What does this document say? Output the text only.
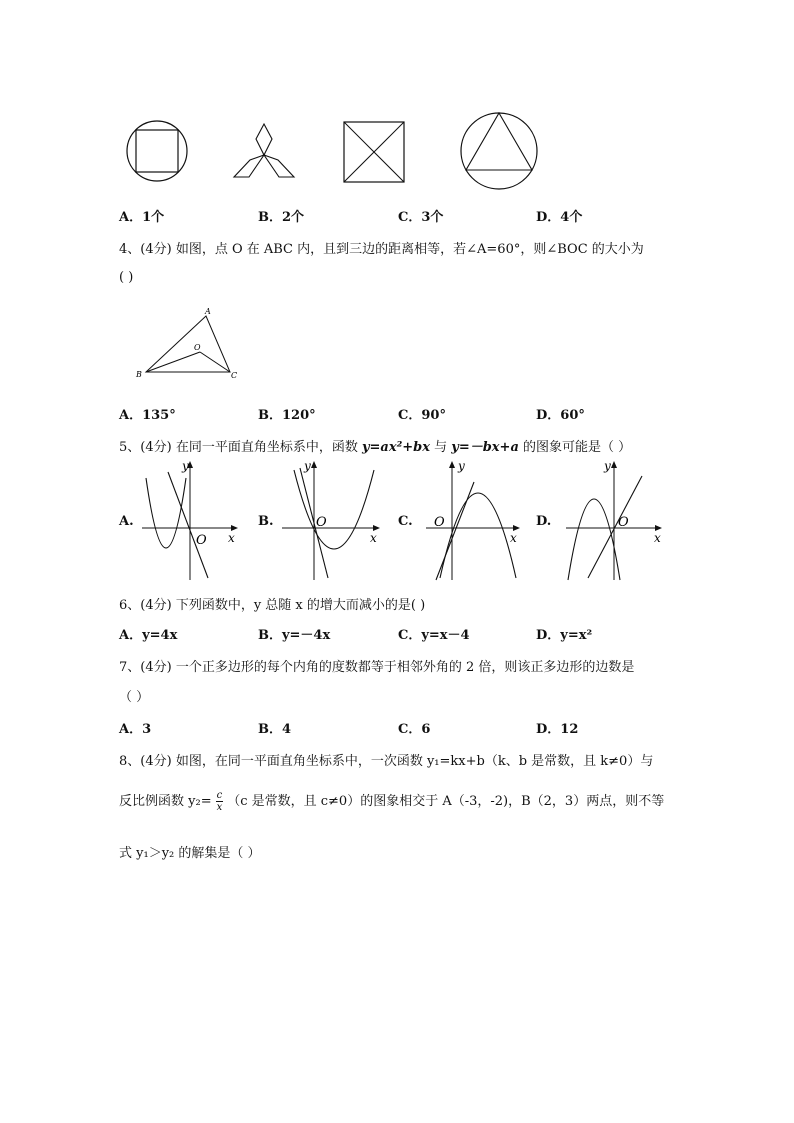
A．1个	B．2个	C．3个	D．4个
4、(4分) 如图，点 O 在 ABC 内，且到三边的距离相等，若∠A=60°，则∠BOC 的大小为
( )
A
B	C
O
A．135°	B．120°	C．90°	D．60°
5、(4分) 在同一平面直角坐标系中，函数 y=ax²+bx 与 y=－bx+a 的图象可能是（ ）
A.	B.	C.	D.
y
x
O
y
x
O
y
x
O
y
x
O
6、(4分) 下列函数中，y 总随 x 的增大而减小的是( )
A．y=4x	B．y=－4x	C．y=x－4	D．y=x²
7、(4分) 一个正多边形的每个内角的度数都等于相邻外角的 2 倍，则该正多边形的边数是
（ ）
A．3	B．4	C．6	D．12
8、(4分) 如图，在同一平面直角坐标系中，一次函数 y₁=kx+b（k、b 是常数，且 k≠0）与
反比例函数 $y_2= \frac{c}{x} (c$ 是常数，且 c≠0）的图象相交于 A（-3，-2)，B（2，3）两点，则不等
式 y₁＞y₂ 的解集是（ ）
